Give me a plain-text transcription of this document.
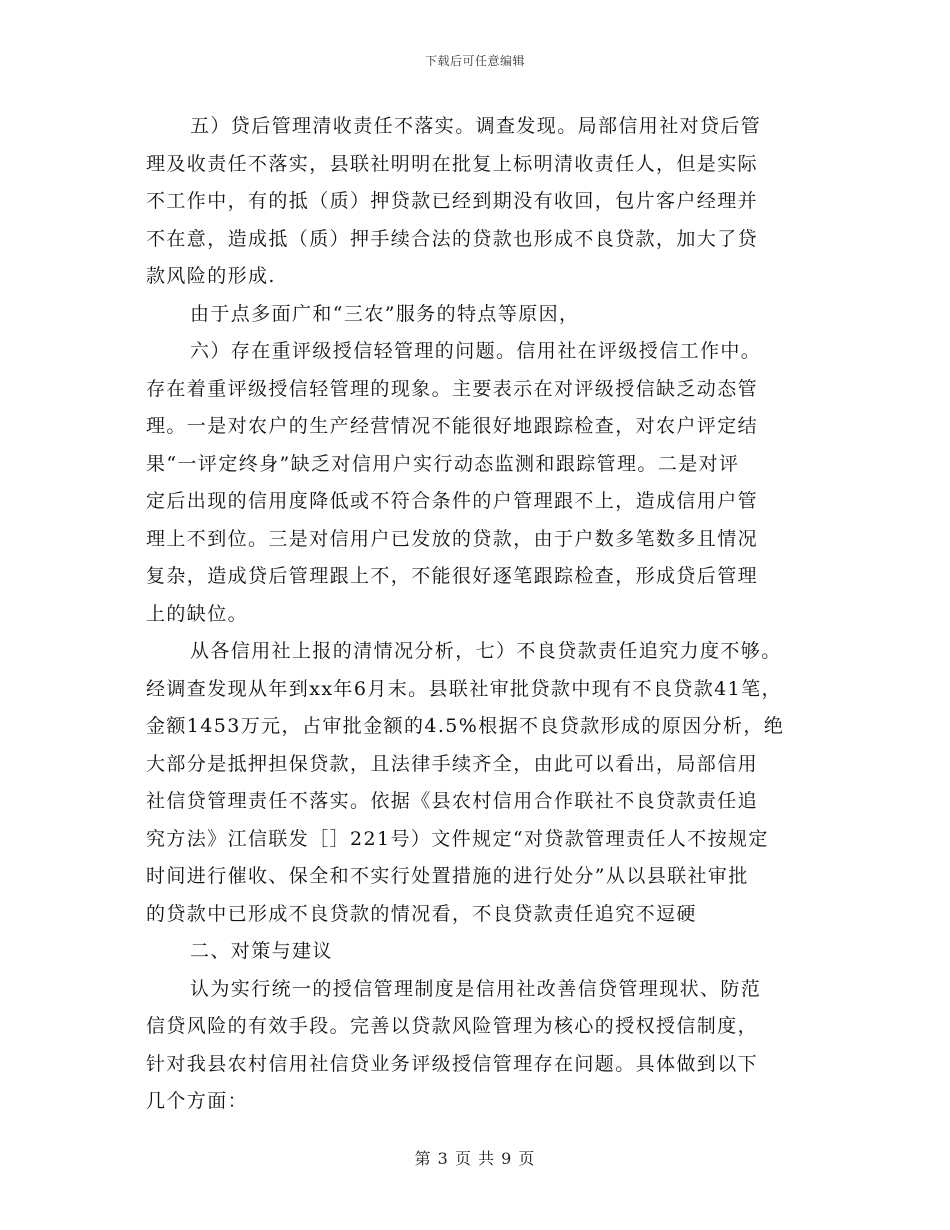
下载后可任意编辑
五）贷后管理清收责任不落实。调查发现。局部信用社对贷后管
理及收责任不落实，县联社明明在批复上标明清收责任人，但是实际
不工作中，有的抵（质）押贷款已经到期没有收回，包片客户经理并
不在意，造成抵（质）押手续合法的贷款也形成不良贷款，加大了贷
款风险的形成.
由于点多面广和“三农”服务的特点等原因，
六）存在重评级授信轻管理的问题。信用社在评级授信工作中。
存在着重评级授信轻管理的现象。主要表示在对评级授信缺乏动态管
理。一是对农户的生产经营情况不能很好地跟踪检查，对农户评定结
果“一评定终身”缺乏对信用户实行动态监测和跟踪管理。二是对评
定后出现的信用度降低或不符合条件的户管理跟不上，造成信用户管
理上不到位。三是对信用户已发放的贷款，由于户数多笔数多且情况
复杂，造成贷后管理跟上不，不能很好逐笔跟踪检查，形成贷后管理
上的缺位。
从各信用社上报的清情况分析，七）不良贷款责任追究力度不够。
经调查发现从年到xx年6月末。县联社审批贷款中现有不良贷款41笔，
金额1453万元，占审批金额的4.5%根据不良贷款形成的原因分析，绝
大部分是抵押担保贷款，且法律手续齐全，由此可以看出，局部信用
社信贷管理责任不落实。依据《县农村信用合作联社不良贷款责任追
究方法》江信联发［］221号）文件规定“对贷款管理责任人不按规定
时间进行催收、保全和不实行处置措施的进行处分”从以县联社审批
的贷款中已形成不良贷款的情况看，不良贷款责任追究不逗硬
二、对策与建议
认为实行统一的授信管理制度是信用社改善信贷管理现状、防范
信贷风险的有效手段。完善以贷款风险管理为核心的授权授信制度，
针对我县农村信用社信贷业务评级授信管理存在问题。具体做到以下
几个方面：
第 3 页 共 9 页
